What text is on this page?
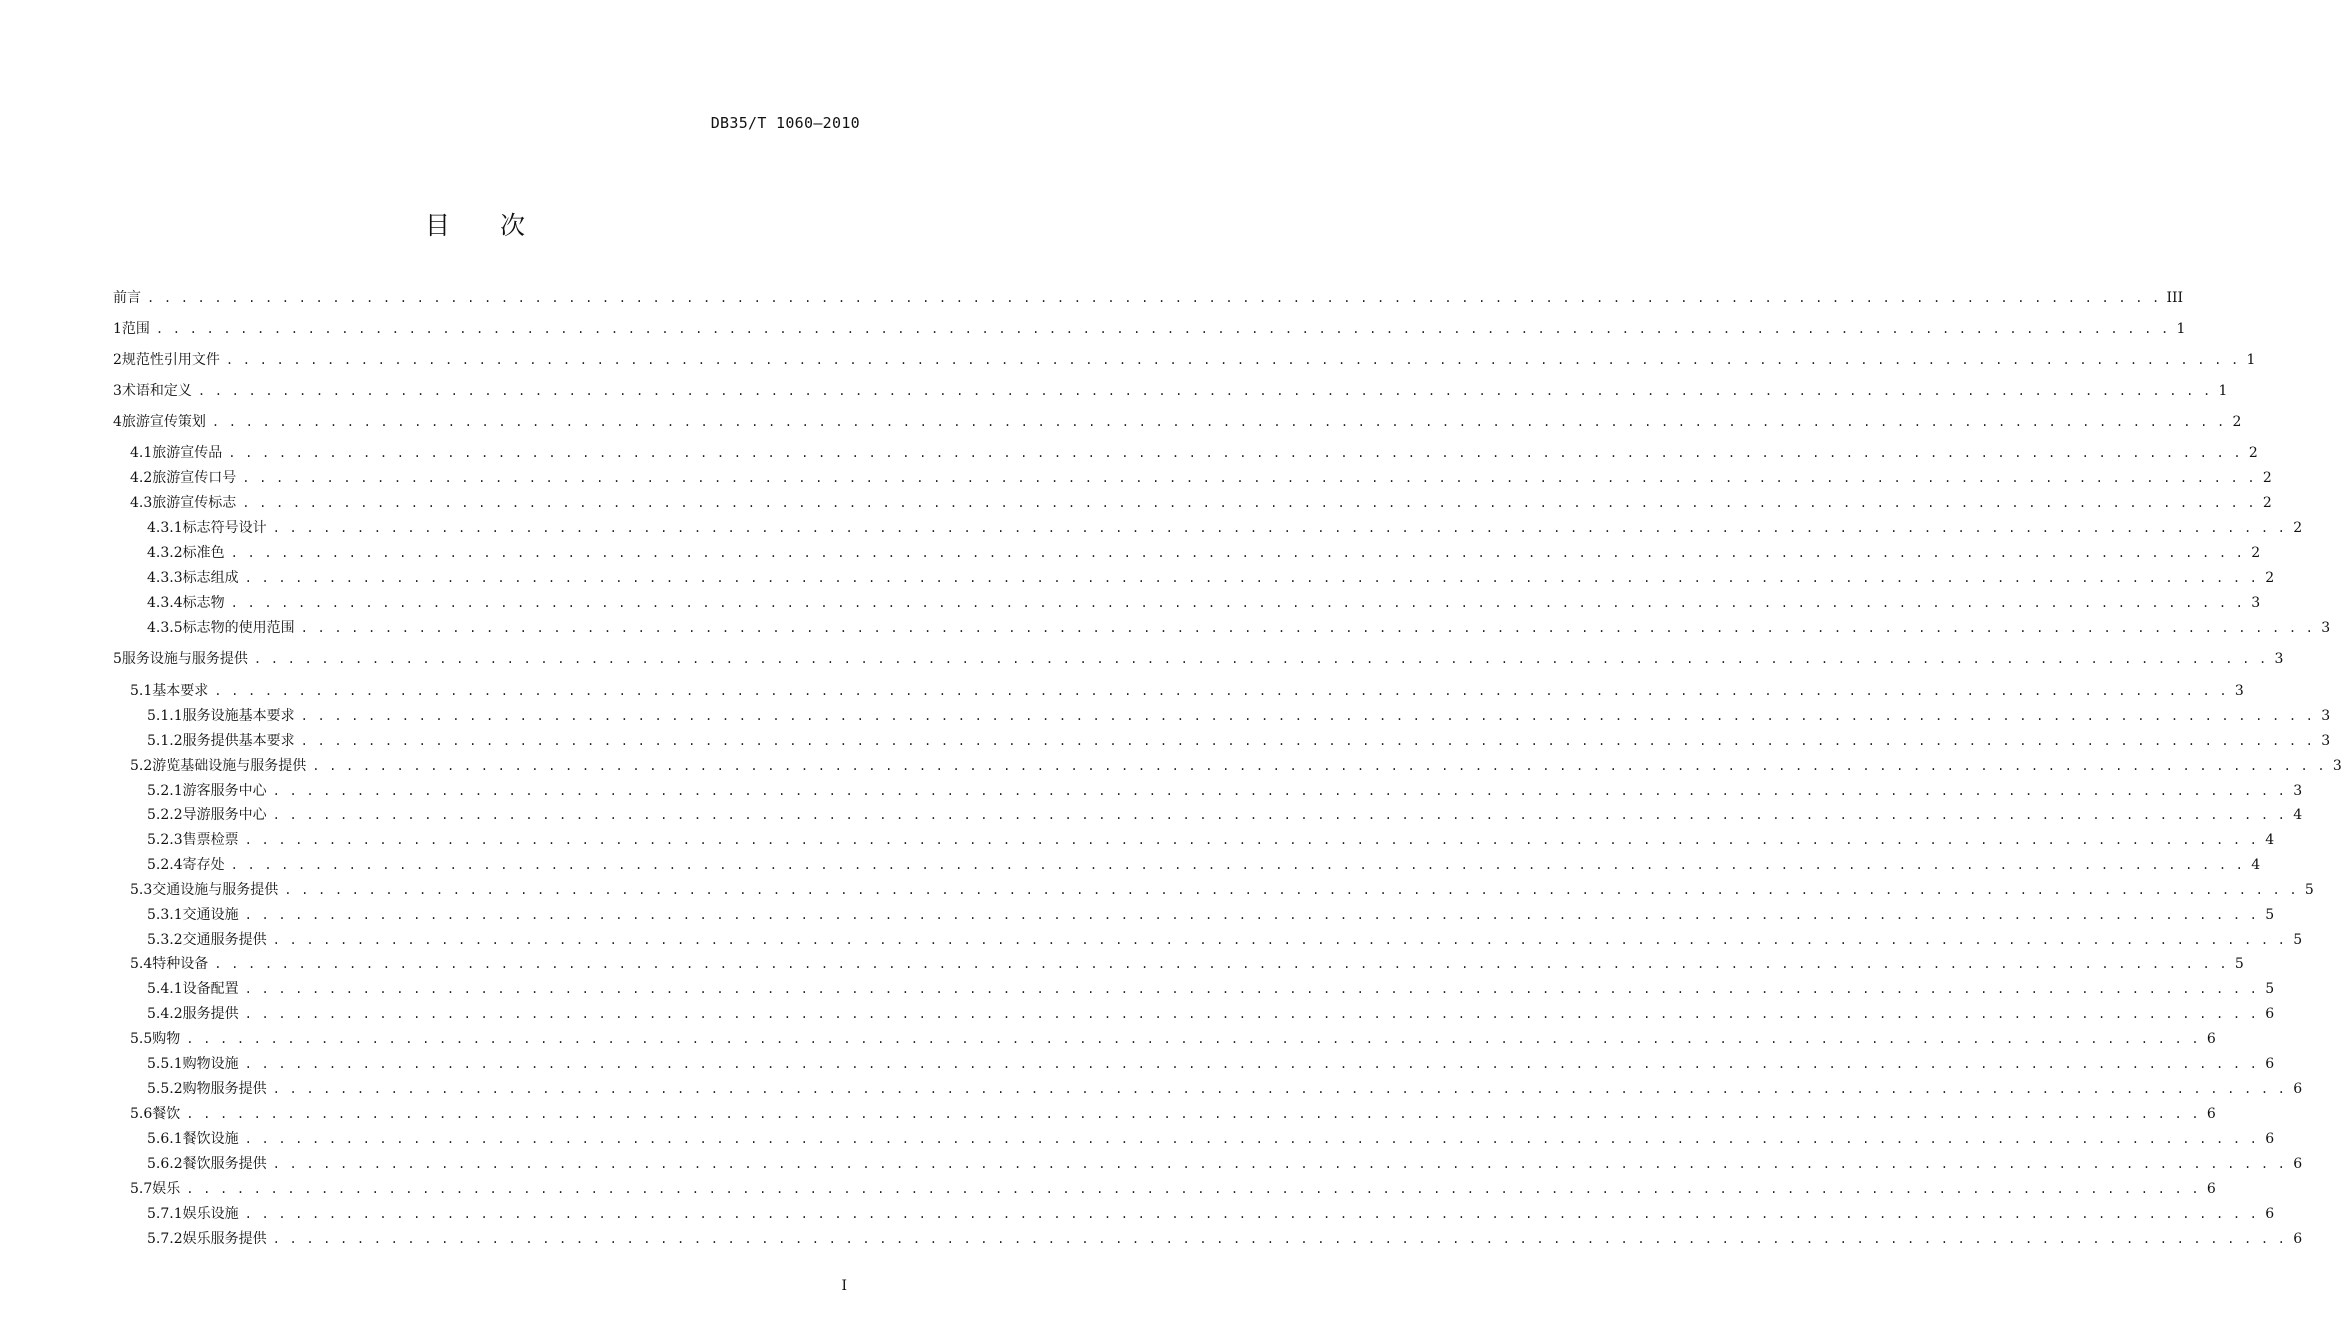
DB35/T 1060—2010
目　　次
前言 . . . . . . . . . . . . . . . . . . . . . . . . . . . . . . . . . . . . . . . . . . . . . . . . . . . . . . . . . . . . . . . . . . . . . . . . . . . . . . . . . . . . . . . . . . . . . . . . . . . . . . . . . . . . . . . . . . . . . . . . III
1 范围 . . . . . . . . . . . . . . . . . . . . . . . . . . . . . . . . . . . . . . . . . . . . . . . . . . . . . . . . . . . . . . . . . . . . . . . . . . . . . . . . . . . . . . . . . . . . . . . . . . . . . . . . . . . . . . . . . . . . . . . . 1
2 规范性引用文件 . . . . . . . . . . . . . . . . . . . . . . . . . . . . . . . . . . . . . . . . . . . . . . . . . . . . . . . . . . . . . . . . . . . . . . . . . . . . . . . . . . . . . . . . . . . . . . . . . . . . . . . . . . . . . . . . . . . . . . . . 1
3 术语和定义 . . . . . . . . . . . . . . . . . . . . . . . . . . . . . . . . . . . . . . . . . . . . . . . . . . . . . . . . . . . . . . . . . . . . . . . . . . . . . . . . . . . . . . . . . . . . . . . . . . . . . . . . . . . . . . . . . . . . . . . . 1
4 旅游宣传策划 . . . . . . . . . . . . . . . . . . . . . . . . . . . . . . . . . . . . . . . . . . . . . . . . . . . . . . . . . . . . . . . . . . . . . . . . . . . . . . . . . . . . . . . . . . . . . . . . . . . . . . . . . . . . . . . . . . . . . . . . 2
4.1 旅游宣传品 . . . . . . . . . . . . . . . . . . . . . . . . . . . . . . . . . . . . . . . . . . . . . . . . . . . . . . . . . . . . . . . . . . . . . . . . . . . . . . . . . . . . . . . . . . . . . . . . . . . . . . . . . . . . . . . . . . . . . . . . 2
4.2 旅游宣传口号 . . . . . . . . . . . . . . . . . . . . . . . . . . . . . . . . . . . . . . . . . . . . . . . . . . . . . . . . . . . . . . . . . . . . . . . . . . . . . . . . . . . . . . . . . . . . . . . . . . . . . . . . . . . . . . . . . . . . . . . . 2
4.3 旅游宣传标志 . . . . . . . . . . . . . . . . . . . . . . . . . . . . . . . . . . . . . . . . . . . . . . . . . . . . . . . . . . . . . . . . . . . . . . . . . . . . . . . . . . . . . . . . . . . . . . . . . . . . . . . . . . . . . . . . . . . . . . . . 2
4.3.1 标志符号设计 . . . . . . . . . . . . . . . . . . . . . . . . . . . . . . . . . . . . . . . . . . . . . . . . . . . . . . . . . . . . . . . . . . . . . . . . . . . . . . . . . . . . . . . . . . . . . . . . . . . . . . . . . . . . . . . . . . . . . . . . 2
4.3.2 标准色 . . . . . . . . . . . . . . . . . . . . . . . . . . . . . . . . . . . . . . . . . . . . . . . . . . . . . . . . . . . . . . . . . . . . . . . . . . . . . . . . . . . . . . . . . . . . . . . . . . . . . . . . . . . . . . . . . . . . . . . . 2
4.3.3 标志组成 . . . . . . . . . . . . . . . . . . . . . . . . . . . . . . . . . . . . . . . . . . . . . . . . . . . . . . . . . . . . . . . . . . . . . . . . . . . . . . . . . . . . . . . . . . . . . . . . . . . . . . . . . . . . . . . . . . . . . . . . 2
4.3.4 标志物 . . . . . . . . . . . . . . . . . . . . . . . . . . . . . . . . . . . . . . . . . . . . . . . . . . . . . . . . . . . . . . . . . . . . . . . . . . . . . . . . . . . . . . . . . . . . . . . . . . . . . . . . . . . . . . . . . . . . . . . . 3
4.3.5 标志物的使用范围 . . . . . . . . . . . . . . . . . . . . . . . . . . . . . . . . . . . . . . . . . . . . . . . . . . . . . . . . . . . . . . . . . . . . . . . . . . . . . . . . . . . . . . . . . . . . . . . . . . . . . . . . . . . . . . . . . . . . . . . . 3
5 服务设施与服务提供 . . . . . . . . . . . . . . . . . . . . . . . . . . . . . . . . . . . . . . . . . . . . . . . . . . . . . . . . . . . . . . . . . . . . . . . . . . . . . . . . . . . . . . . . . . . . . . . . . . . . . . . . . . . . . . . . . . . . . . . . 3
5.1 基本要求 . . . . . . . . . . . . . . . . . . . . . . . . . . . . . . . . . . . . . . . . . . . . . . . . . . . . . . . . . . . . . . . . . . . . . . . . . . . . . . . . . . . . . . . . . . . . . . . . . . . . . . . . . . . . . . . . . . . . . . . . 3
5.1.1 服务设施基本要求 . . . . . . . . . . . . . . . . . . . . . . . . . . . . . . . . . . . . . . . . . . . . . . . . . . . . . . . . . . . . . . . . . . . . . . . . . . . . . . . . . . . . . . . . . . . . . . . . . . . . . . . . . . . . . . . . . . . . . . . . 3
5.1.2 服务提供基本要求 . . . . . . . . . . . . . . . . . . . . . . . . . . . . . . . . . . . . . . . . . . . . . . . . . . . . . . . . . . . . . . . . . . . . . . . . . . . . . . . . . . . . . . . . . . . . . . . . . . . . . . . . . . . . . . . . . . . . . . . . 3
5.2 游览基础设施与服务提供 . . . . . . . . . . . . . . . . . . . . . . . . . . . . . . . . . . . . . . . . . . . . . . . . . . . . . . . . . . . . . . . . . . . . . . . . . . . . . . . . . . . . . . . . . . . . . . . . . . . . . . . . . . . . . . . . . . . . . . . . 3
5.2.1 游客服务中心 . . . . . . . . . . . . . . . . . . . . . . . . . . . . . . . . . . . . . . . . . . . . . . . . . . . . . . . . . . . . . . . . . . . . . . . . . . . . . . . . . . . . . . . . . . . . . . . . . . . . . . . . . . . . . . . . . . . . . . . . 3
5.2.2 导游服务中心 . . . . . . . . . . . . . . . . . . . . . . . . . . . . . . . . . . . . . . . . . . . . . . . . . . . . . . . . . . . . . . . . . . . . . . . . . . . . . . . . . . . . . . . . . . . . . . . . . . . . . . . . . . . . . . . . . . . . . . . . 4
5.2.3 售票检票 . . . . . . . . . . . . . . . . . . . . . . . . . . . . . . . . . . . . . . . . . . . . . . . . . . . . . . . . . . . . . . . . . . . . . . . . . . . . . . . . . . . . . . . . . . . . . . . . . . . . . . . . . . . . . . . . . . . . . . . . 4
5.2.4 寄存处 . . . . . . . . . . . . . . . . . . . . . . . . . . . . . . . . . . . . . . . . . . . . . . . . . . . . . . . . . . . . . . . . . . . . . . . . . . . . . . . . . . . . . . . . . . . . . . . . . . . . . . . . . . . . . . . . . . . . . . . . 4
5.3 交通设施与服务提供 . . . . . . . . . . . . . . . . . . . . . . . . . . . . . . . . . . . . . . . . . . . . . . . . . . . . . . . . . . . . . . . . . . . . . . . . . . . . . . . . . . . . . . . . . . . . . . . . . . . . . . . . . . . . . . . . . . . . . . . . 5
5.3.1 交通设施 . . . . . . . . . . . . . . . . . . . . . . . . . . . . . . . . . . . . . . . . . . . . . . . . . . . . . . . . . . . . . . . . . . . . . . . . . . . . . . . . . . . . . . . . . . . . . . . . . . . . . . . . . . . . . . . . . . . . . . . . 5
5.3.2 交通服务提供 . . . . . . . . . . . . . . . . . . . . . . . . . . . . . . . . . . . . . . . . . . . . . . . . . . . . . . . . . . . . . . . . . . . . . . . . . . . . . . . . . . . . . . . . . . . . . . . . . . . . . . . . . . . . . . . . . . . . . . . . 5
5.4 特种设备 . . . . . . . . . . . . . . . . . . . . . . . . . . . . . . . . . . . . . . . . . . . . . . . . . . . . . . . . . . . . . . . . . . . . . . . . . . . . . . . . . . . . . . . . . . . . . . . . . . . . . . . . . . . . . . . . . . . . . . . . 5
5.4.1 设备配置 . . . . . . . . . . . . . . . . . . . . . . . . . . . . . . . . . . . . . . . . . . . . . . . . . . . . . . . . . . . . . . . . . . . . . . . . . . . . . . . . . . . . . . . . . . . . . . . . . . . . . . . . . . . . . . . . . . . . . . . . 5
5.4.2 服务提供 . . . . . . . . . . . . . . . . . . . . . . . . . . . . . . . . . . . . . . . . . . . . . . . . . . . . . . . . . . . . . . . . . . . . . . . . . . . . . . . . . . . . . . . . . . . . . . . . . . . . . . . . . . . . . . . . . . . . . . . . 6
5.5 购物 . . . . . . . . . . . . . . . . . . . . . . . . . . . . . . . . . . . . . . . . . . . . . . . . . . . . . . . . . . . . . . . . . . . . . . . . . . . . . . . . . . . . . . . . . . . . . . . . . . . . . . . . . . . . . . . . . . . . . . . . 6
5.5.1 购物设施 . . . . . . . . . . . . . . . . . . . . . . . . . . . . . . . . . . . . . . . . . . . . . . . . . . . . . . . . . . . . . . . . . . . . . . . . . . . . . . . . . . . . . . . . . . . . . . . . . . . . . . . . . . . . . . . . . . . . . . . . 6
5.5.2 购物服务提供 . . . . . . . . . . . . . . . . . . . . . . . . . . . . . . . . . . . . . . . . . . . . . . . . . . . . . . . . . . . . . . . . . . . . . . . . . . . . . . . . . . . . . . . . . . . . . . . . . . . . . . . . . . . . . . . . . . . . . . . . 6
5.6 餐饮 . . . . . . . . . . . . . . . . . . . . . . . . . . . . . . . . . . . . . . . . . . . . . . . . . . . . . . . . . . . . . . . . . . . . . . . . . . . . . . . . . . . . . . . . . . . . . . . . . . . . . . . . . . . . . . . . . . . . . . . . 6
5.6.1 餐饮设施 . . . . . . . . . . . . . . . . . . . . . . . . . . . . . . . . . . . . . . . . . . . . . . . . . . . . . . . . . . . . . . . . . . . . . . . . . . . . . . . . . . . . . . . . . . . . . . . . . . . . . . . . . . . . . . . . . . . . . . . . 6
5.6.2 餐饮服务提供 . . . . . . . . . . . . . . . . . . . . . . . . . . . . . . . . . . . . . . . . . . . . . . . . . . . . . . . . . . . . . . . . . . . . . . . . . . . . . . . . . . . . . . . . . . . . . . . . . . . . . . . . . . . . . . . . . . . . . . . . 6
5.7 娱乐 . . . . . . . . . . . . . . . . . . . . . . . . . . . . . . . . . . . . . . . . . . . . . . . . . . . . . . . . . . . . . . . . . . . . . . . . . . . . . . . . . . . . . . . . . . . . . . . . . . . . . . . . . . . . . . . . . . . . . . . . 6
5.7.1 娱乐设施 . . . . . . . . . . . . . . . . . . . . . . . . . . . . . . . . . . . . . . . . . . . . . . . . . . . . . . . . . . . . . . . . . . . . . . . . . . . . . . . . . . . . . . . . . . . . . . . . . . . . . . . . . . . . . . . . . . . . . . . . 6
5.7.2 娱乐服务提供 . . . . . . . . . . . . . . . . . . . . . . . . . . . . . . . . . . . . . . . . . . . . . . . . . . . . . . . . . . . . . . . . . . . . . . . . . . . . . . . . . . . . . . . . . . . . . . . . . . . . . . . . . . . . . . . . . . . . . . . . 6
I
